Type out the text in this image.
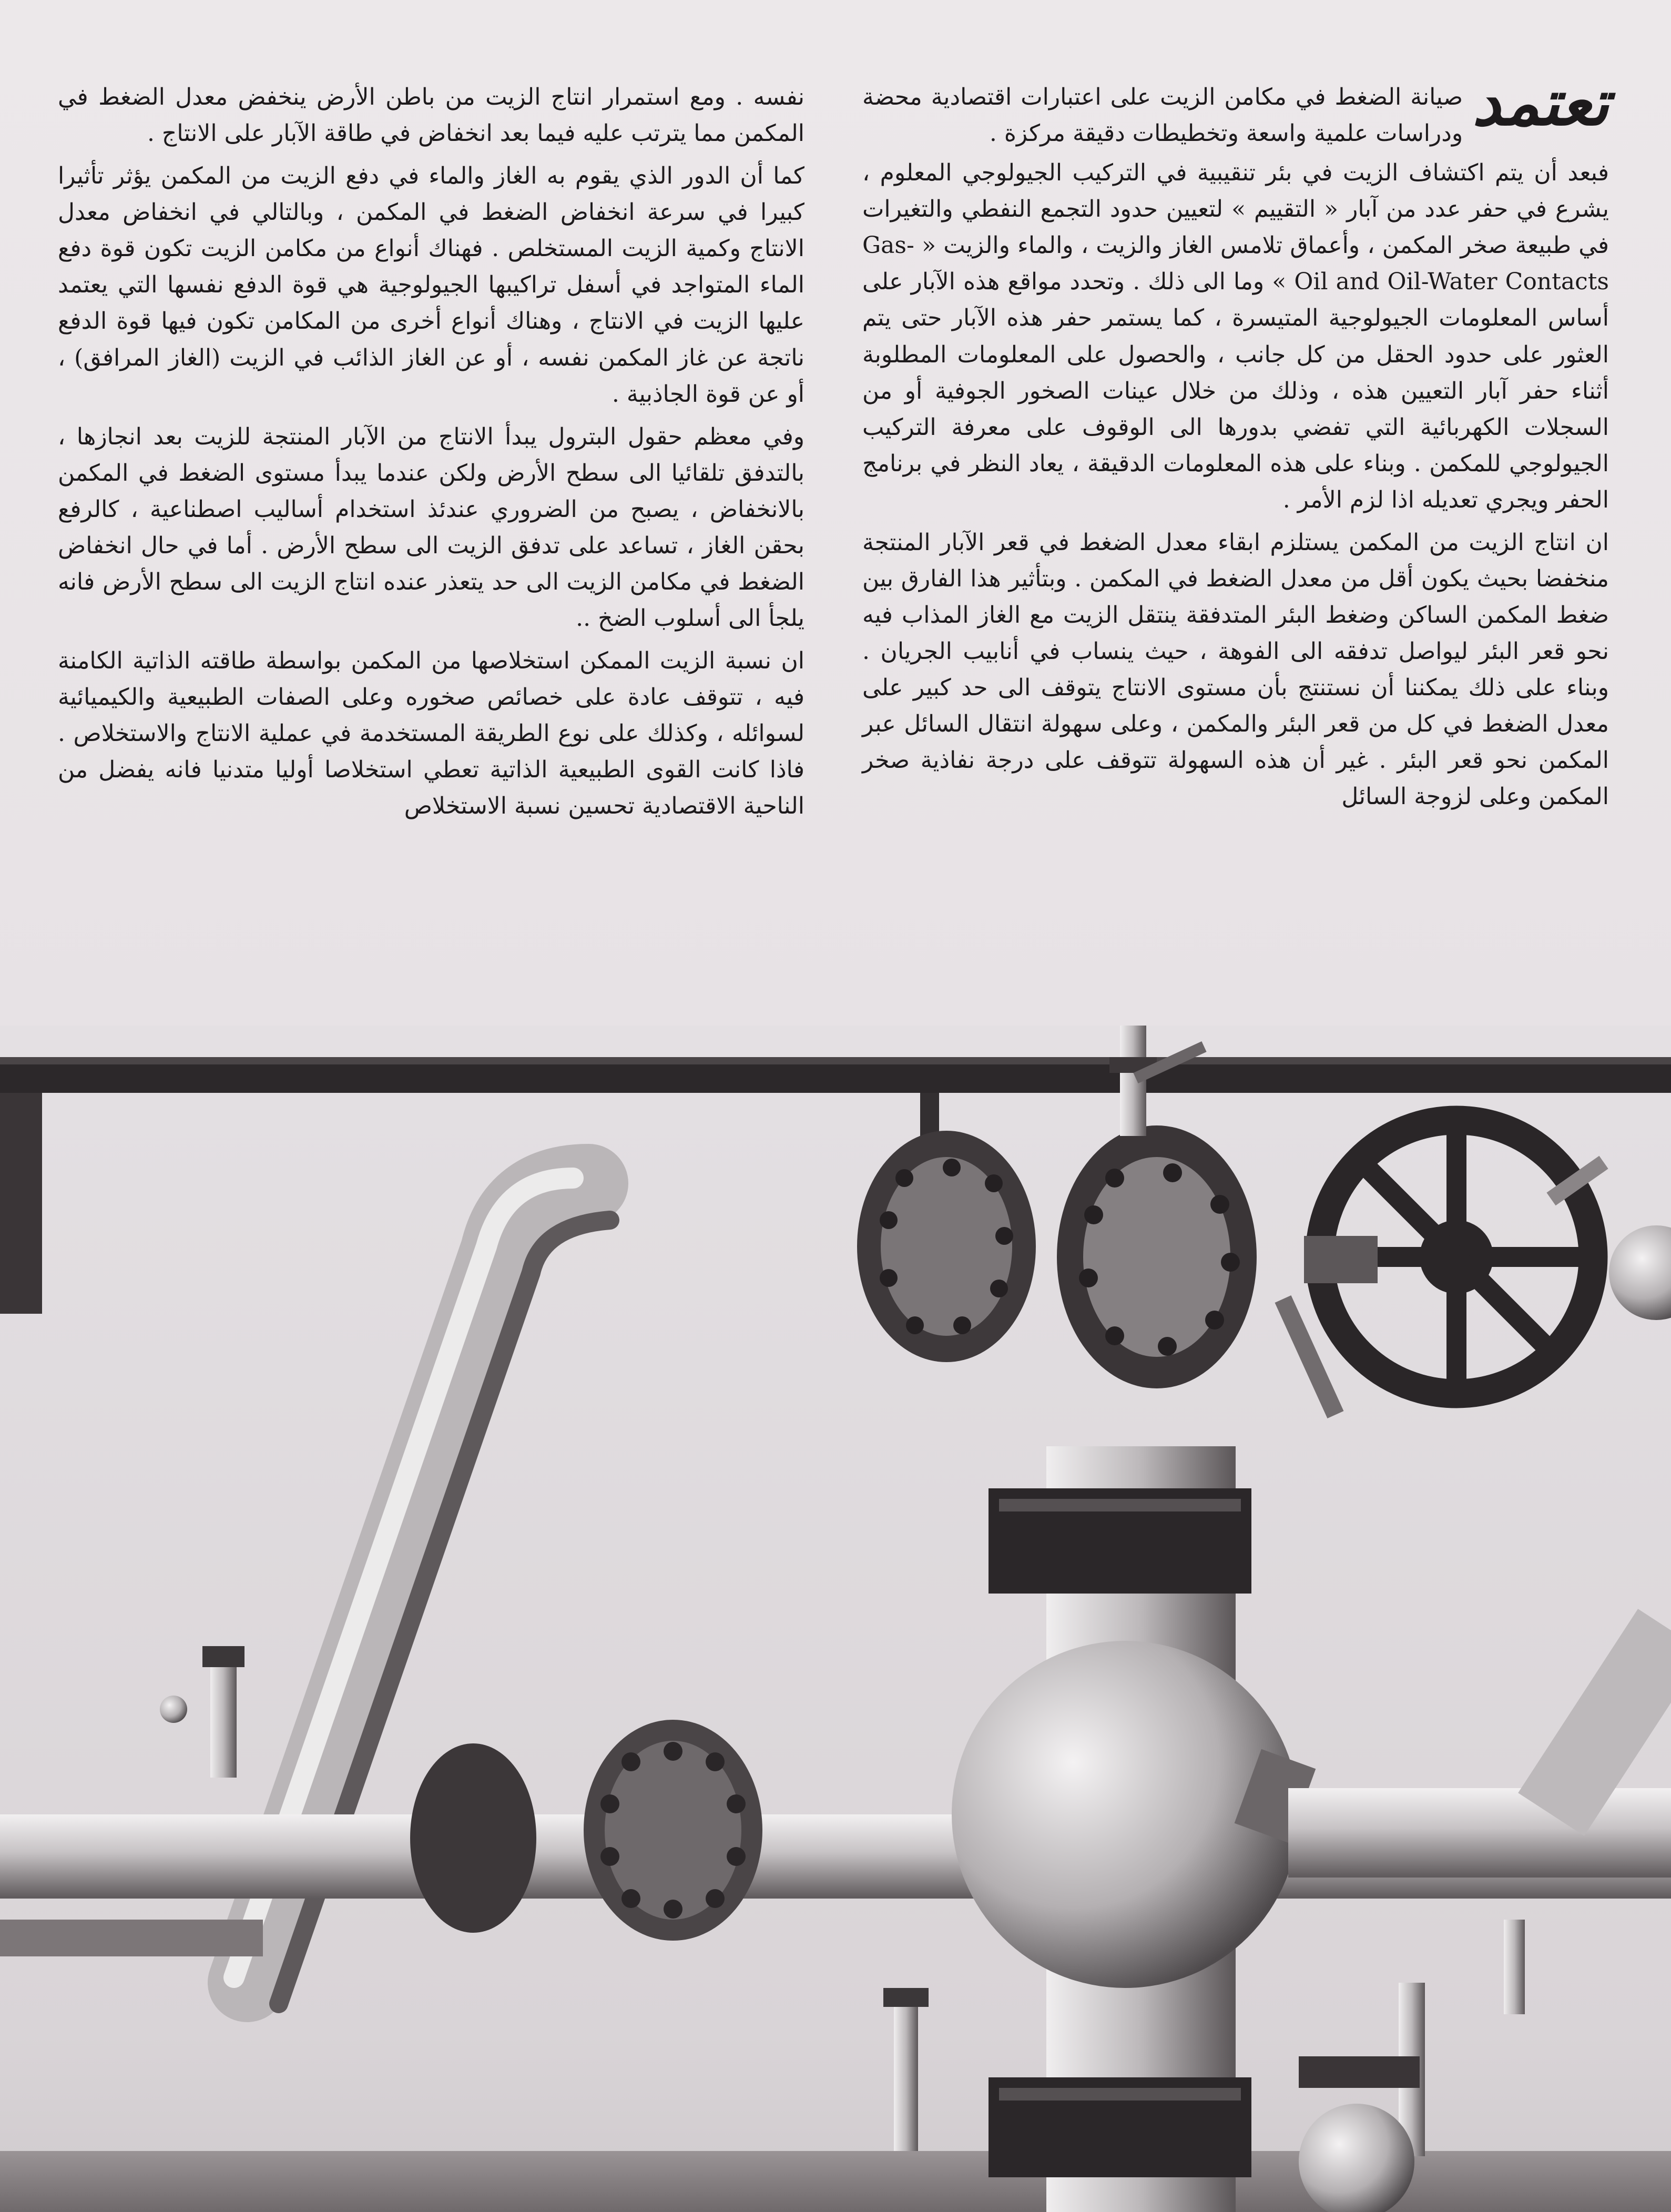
تعتمد
صيانة الضغط في مكامن الزيت على اعتبارات اقتصادية محضة ودراسات علمية واسعة وتخطيطات دقيقة مركزة .

فبعد أن يتم اكتشاف الزيت في بئر تنقيبية في التركيب الجيولوجي المعلوم ، يشرع في حفر عدد من آبار « التقييم » لتعيين حدود التجمع النفطي والتغيرات في طبيعة صخر المكمن ، وأعماق تلامس الغاز والزيت ، والماء والزيت « Gas-Oil and Oil-Water Contacts » وما الى ذلك . وتحدد مواقع هذه الآبار على أساس المعلومات الجيولوجية المتيسرة ، كما يستمر حفر هذه الآبار حتى يتم العثور على حدود الحقل من كل جانب ، والحصول على المعلومات المطلوبة أثناء حفر آبار التعيين هذه ، وذلك من خلال عينات الصخور الجوفية أو من السجلات الكهربائية التي تفضي بدورها الى الوقوف على معرفة التركيب الجيولوجي للمكمن . وبناء على هذه المعلومات الدقيقة ، يعاد النظر في برنامج الحفر ويجري تعديله اذا لزم الأمر .

ان انتاج الزيت من المكمن يستلزم ابقاء معدل الضغط في قعر الآبار المنتجة منخفضا بحيث يكون أقل من معدل الضغط في المكمن . وبتأثير هذا الفارق بين ضغط المكمن الساكن وضغط البئر المتدفقة ينتقل الزيت مع الغاز المذاب فيه نحو قعر البئر ليواصل تدفقه الى الفوهة ، حيث ينساب في أنابيب الجريان . وبناء على ذلك يمكننا أن نستنتج بأن مستوى الانتاج يتوقف الى حد كبير على معدل الضغط في كل من قعر البئر والمكمن ، وعلى سهولة انتقال السائل عبر المكمن نحو قعر البئر . غير أن هذه السهولة تتوقف على درجة نفاذية صخر المكمن وعلى لزوجة السائل

نفسه . ومع استمرار انتاج الزيت من باطن الأرض ينخفض معدل الضغط في المكمن مما يترتب عليه فيما بعد انخفاض في طاقة الآبار على الانتاج .

كما أن الدور الذي يقوم به الغاز والماء في دفع الزيت من المكمن يؤثر تأثيرا كبيرا في سرعة انخفاض الضغط في المكمن ، وبالتالي في انخفاض معدل الانتاج وكمية الزيت المستخلص . فهناك أنواع من مكامن الزيت تكون قوة دفع الماء المتواجد في أسفل تراكيبها الجيولوجية هي قوة الدفع نفسها التي يعتمد عليها الزيت في الانتاج ، وهناك أنواع أخرى من المكامن تكون فيها قوة الدفع ناتجة عن غاز المكمن نفسه ، أو عن الغاز الذائب في الزيت (الغاز المرافق) ، أو عن قوة الجاذبية .

وفي معظم حقول البترول يبدأ الانتاج من الآبار المنتجة للزيت بعد انجازها ، بالتدفق تلقائيا الى سطح الأرض ولكن عندما يبدأ مستوى الضغط في المكمن بالانخفاض ، يصبح من الضروري عندئذ استخدام أساليب اصطناعية ، كالرفع بحقن الغاز ، تساعد على تدفق الزيت الى سطح الأرض . أما في حال انخفاض الضغط في مكامن الزيت الى حد يتعذر عنده انتاج الزيت الى سطح الأرض فانه يلجأ الى أسلوب الضخ ..

ان نسبة الزيت الممكن استخلاصها من المكمن بواسطة طاقته الذاتية الكامنة فيه ، تتوقف عادة على خصائص صخوره وعلى الصفات الطبيعية والكيميائية لسوائله ، وكذلك على نوع الطريقة المستخدمة في عملية الانتاج والاستخلاص . فاذا كانت القوى الطبيعية الذاتية تعطي استخلاصا أوليا متدنيا فانه يفضل من الناحية الاقتصادية تحسين نسبة الاستخلاص
